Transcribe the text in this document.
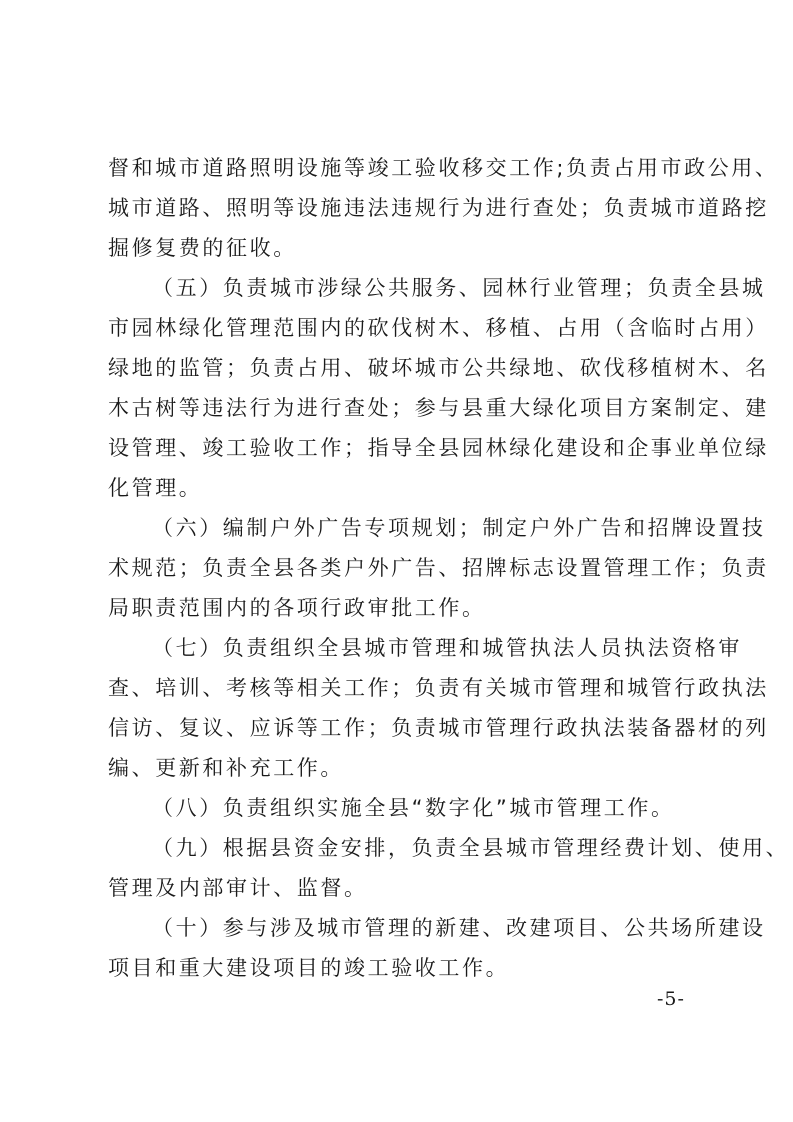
督和城市道路照明设施等竣工验收移交工作;负责占用市政公用、
城市道路、照明等设施违法违规行为进行查处；负责城市道路挖
掘修复费的征收。
（五）负责城市涉绿公共服务、园林行业管理；负责全县城
市园林绿化管理范围内的砍伐树木、移植、占用（含临时占用）
绿地的监管；负责占用、破坏城市公共绿地、砍伐移植树木、名
木古树等违法行为进行查处；参与县重大绿化项目方案制定、建
设管理、竣工验收工作；指导全县园林绿化建设和企事业单位绿
化管理。
（六）编制户外广告专项规划；制定户外广告和招牌设置技
术规范；负责全县各类户外广告、招牌标志设置管理工作；负责
局职责范围内的各项行政审批工作。
（七）负责组织全县城市管理和城管执法人员执法资格审
查、培训、考核等相关工作；负责有关城市管理和城管行政执法
信访、复议、应诉等工作；负责城市管理行政执法装备器材的列
编、更新和补充工作。
（八）负责组织实施全县“数字化”城市管理工作。
（九）根据县资金安排，负责全县城市管理经费计划、使用、
管理及内部审计、监督。
（十）参与涉及城市管理的新建、改建项目、公共场所建设
项目和重大建设项目的竣工验收工作。
-5-
